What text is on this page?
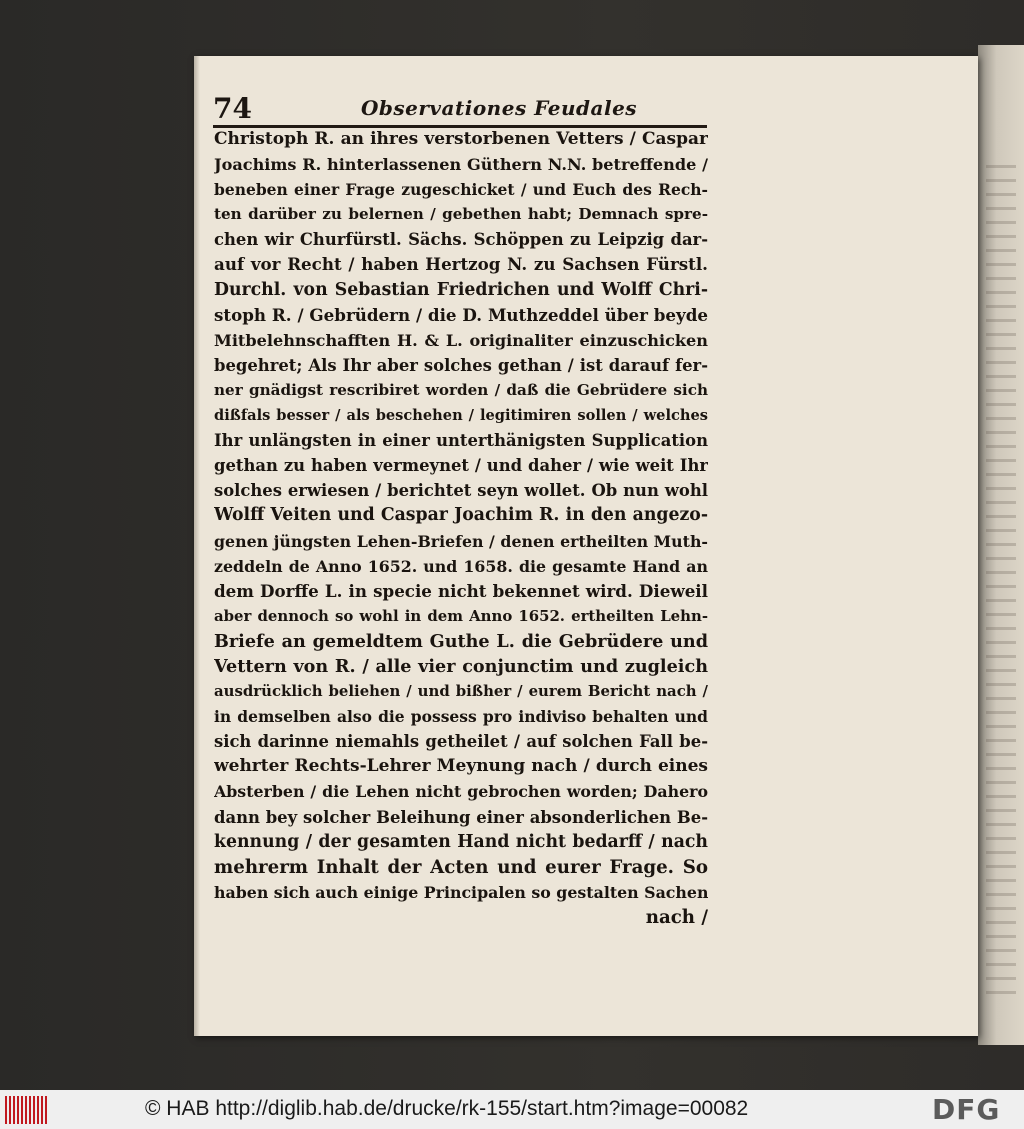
74	Observationes Feudales
Christoph R. an ihres verstorbenen Vetters / Caspar
Joachims R. hinterlassenen Güthern N.N. betreffende /
beneben einer Frage zugeschicket / und Euch des Rech-
ten darüber zu belernen / gebethen habt; Demnach spre-
chen wir Churfürstl. Sächs. Schöppen zu Leipzig dar-
auf vor Recht / haben Hertzog N. zu Sachsen Fürstl.
Durchl. von Sebastian Friedrichen und Wolff Chri-
stoph R. / Gebrüdern / die D. Muthzeddel über beyde
Mitbelehnschafften H. & L. originaliter einzuschicken
begehret; Als Ihr aber solches gethan / ist darauf fer-
ner gnädigst rescribiret worden / daß die Gebrüdere sich
dißfals besser / als beschehen / legitimiren sollen / welches
Ihr unlängsten in einer unterthänigsten Supplication
gethan zu haben vermeynet / und daher / wie weit Ihr
solches erwiesen / berichtet seyn wollet. Ob nun wohl
Wolff Veiten und Caspar Joachim R. in den angezo-
genen jüngsten Lehen-Briefen / denen ertheilten Muth-
zeddeln de Anno 1652. und 1658. die gesamte Hand an
dem Dorffe L. in specie nicht bekennet wird. Dieweil
aber dennoch so wohl in dem Anno 1652. ertheilten Lehn-
Briefe an gemeldtem Guthe L. die Gebrüdere und
Vettern von R. / alle vier conjunctim und zugleich
ausdrücklich beliehen / und bißher / eurem Bericht nach /
in demselben also die possess pro indiviso behalten und
sich darinne niemahls getheilet / auf solchen Fall be-
wehrter Rechts-Lehrer Meynung nach / durch eines
Absterben / die Lehen nicht gebrochen worden; Dahero
dann bey solcher Beleihung einer absonderlichen Be-
kennung / der gesamten Hand nicht bedarff / nach
mehrerm Inhalt der Acten und eurer Frage. So
haben sich auch einige Principalen so gestalten Sachen
nach /
© HAB http://diglib.hab.de/drucke/rk-155/start.htm?image=00082	DFG
